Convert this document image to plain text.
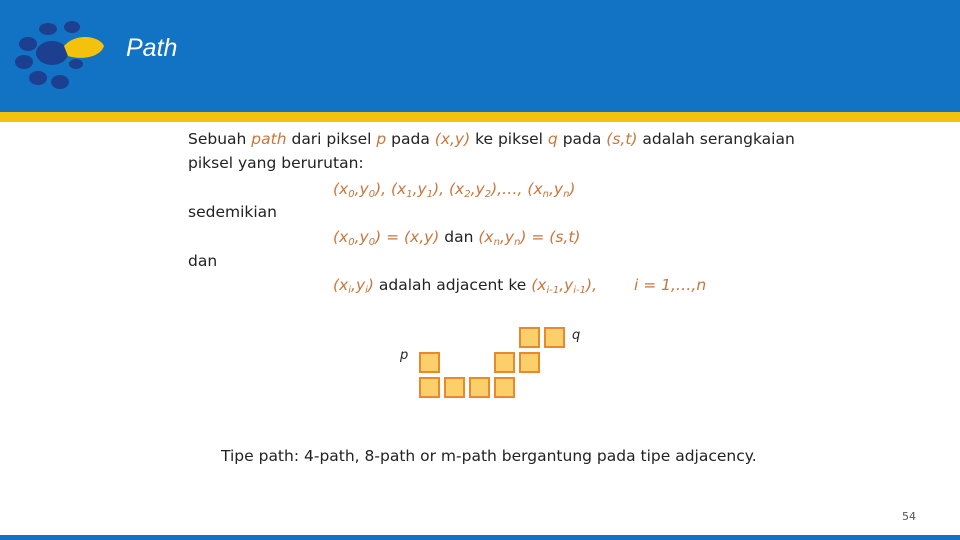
Path
Sebuah path dari piksel p pada (x,y) ke piksel q pada (s,t) adalah serangkaian
piksel yang berurutan:
$(x_0,y_0)$, $(x_1,y_1)$, $(x_2,y_2),\dots$, $(x_n,y_n)$
sedemikian
$(x_0,y_0) = (x,y)$ dan $(x_n,y_n) = (s,t)$
dan
$(x_i,y_i)$ adalah adjacent ke $(x_{i-1},y_{i-1})$, i = 1,…,n
p
q
Tipe path: 4-path, 8-path or m-path bergantung pada tipe adjacency.
54
